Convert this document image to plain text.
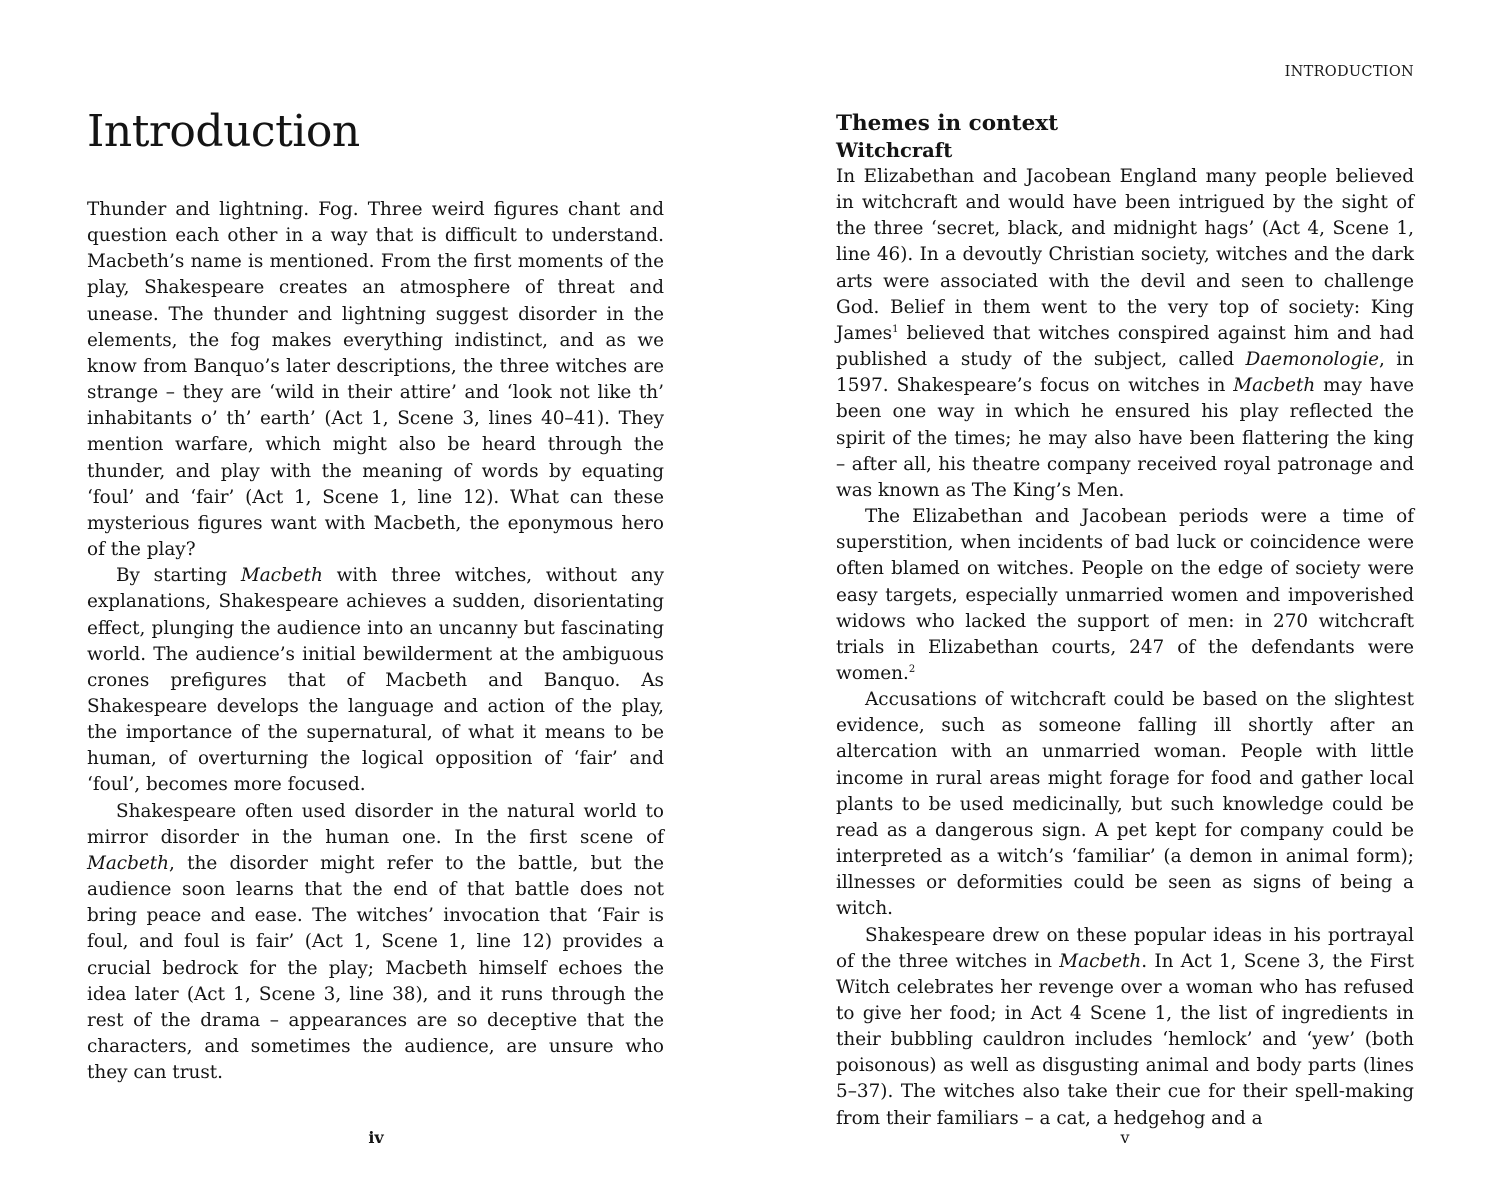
Introduction

Thunder and lightning. Fog. Three weird figures chant and question each other in a way that is difficult to understand. Macbeth’s name is mentioned. From the first moments of the play, Shakespeare creates an atmosphere of threat and unease. The thunder and lightning suggest disorder in the elements, the fog makes everything indistinct, and as we know from Banquo’s later descriptions, the three witches are strange – they are ‘wild in their attire’ and ‘look not like th’ inhabitants o’ th’ earth’ (Act 1, Scene 3, lines 40–41). They mention warfare, which might also be heard through the thunder, and play with the meaning of words by equating ‘foul’ and ‘fair’ (Act 1, Scene 1, line 12). What can these mysterious figures want with Macbeth, the eponymous hero of the play?

By starting Macbeth with three witches, without any explanations, Shakespeare achieves a sudden, disorientating effect, plunging the audience into an uncanny but fascinating world. The audience’s initial bewilderment at the ambiguous crones prefigures that of Macbeth and Banquo. As Shakespeare develops the language and action of the play, the importance of the supernatural, of what it means to be human, of overturning the logical opposition of ‘fair’ and ‘foul’, becomes more focused.

Shakespeare often used disorder in the natural world to mirror disorder in the human one. In the first scene of Macbeth, the disorder might refer to the battle, but the audience soon learns that the end of that battle does not bring peace and ease. The witches’ invocation that ‘Fair is foul, and foul is fair’ (Act 1, Scene 1, line 12) provides a crucial bedrock for the play; Macbeth himself echoes the idea later (Act 1, Scene 3, line 38), and it runs through the rest of the drama – appearances are so deceptive that the characters, and sometimes the audience, are unsure who they can trust.

iv
INTRODUCTION
Themes in context
Witchcraft

In Elizabethan and Jacobean England many people believed in witchcraft and would have been intrigued by the sight of the three ‘secret, black, and midnight hags’ (Act 4, Scene 1, line 46). In a devoutly Christian society, witches and the dark arts were associated with the devil and seen to challenge God. Belief in them went to the very top of society: King James$^1$ believed that witches conspired against him and had published a study of the subject, called Daemonologie, in 1597. Shakespeare’s focus on witches in Macbeth may have been one way in which he ensured his play reflected the spirit of the times; he may also have been flattering the king – after all, his theatre company received royal patronage and was known as The King’s Men.

The Elizabethan and Jacobean periods were a time of superstition, when incidents of bad luck or coincidence were often blamed on witches. People on the edge of society were easy targets, especially unmarried women and impoverished widows who lacked the support of men: in 270 witchcraft trials in Elizabethan courts, 247 of the defendants were women.$^2$

Accusations of witchcraft could be based on the slightest evidence, such as someone falling ill shortly after an altercation with an unmarried woman. People with little income in rural areas might forage for food and gather local plants to be used medicinally, but such knowledge could be read as a dangerous sign. A pet kept for company could be interpreted as a witch’s ‘familiar’ (a demon in animal form); illnesses or deformities could be seen as signs of being a witch.

Shakespeare drew on these popular ideas in his portrayal of the three witches in Macbeth. In Act 1, Scene 3, the First Witch celebrates her revenge over a woman who has refused to give her food; in Act 4 Scene 1, the list of ingredients in their bubbling cauldron includes ‘hemlock’ and ‘yew’ (both poisonous) as well as disgusting animal and body parts (lines 5–37). The witches also take their cue for their spell-making from their familiars – a cat, a hedgehog and a

v
